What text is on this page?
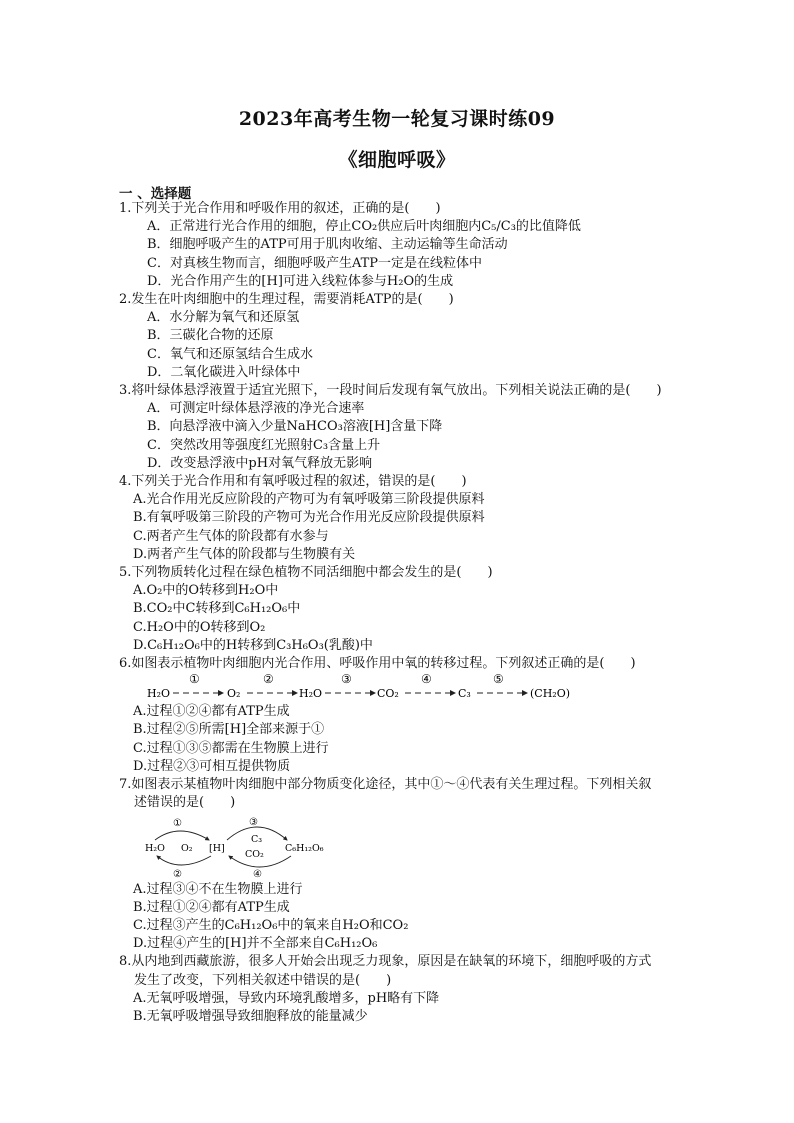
2023年高考生物一轮复习课时练09
《细胞呼吸》
一 、选择题

1.下列关于光合作用和呼吸作用的叙述，正确的是(　　)

A．正常进行光合作用的细胞，停止CO₂供应后叶肉细胞内C₅/C₃的比值降低

B．细胞呼吸产生的ATP可用于肌肉收缩、主动运输等生命活动

C．对真核生物而言，细胞呼吸产生ATP一定是在线粒体中

D．光合作用产生的[H]可进入线粒体参与H₂O的生成

2.发生在叶肉细胞中的生理过程，需要消耗ATP的是(　　)

A．水分解为氧气和还原氢

B．三碳化合物的还原

C．氧气和还原氢结合生成水

D．二氧化碳进入叶绿体中

3.将叶绿体悬浮液置于适宜光照下，一段时间后发现有氧气放出。下列相关说法正确的是(　　)

A．可测定叶绿体悬浮液的净光合速率

B．向悬浮液中滴入少量NaHCO₃溶液[H]含量下降

C．突然改用等强度红光照射C₃含量上升

D．改变悬浮液中pH对氧气释放无影响

4.下列关于光合作用和有氧呼吸过程的叙述，错误的是(　　)

A.光合作用光反应阶段的产物可为有氧呼吸第三阶段提供原料

B.有氧呼吸第三阶段的产物可为光合作用光反应阶段提供原料

C.两者产生气体的阶段都有水参与

D.两者产生气体的阶段都与生物膜有关

5.下列物质转化过程在绿色植物不同活细胞中都会发生的是(　　)

A.O₂中的O转移到H₂O中

B.CO₂中C转移到C₆H₁₂O₆中

C.H₂O中的O转移到O₂

D.C₆H₁₂O₆中的H转移到C₃H₆O₃(乳酸)中

6.如图表示植物叶肉细胞内光合作用、呼吸作用中氧的转移过程。下列叙述正确的是(　　)

H₂O
①
O₂
②
H₂O
③
CO₂
④
C₃
⑤
(CH₂O)

A.过程①②④都有ATP生成

B.过程②⑤所需[H]全部来源于①

C.过程①③⑤都需在生物膜上进行

D.过程②③可相互提供物质

7.如图表示某植物叶肉细胞中部分物质变化途径，其中①～④代表有关生理过程。下列相关叙

述错误的是(　　)

H₂O O₂ [H]
①
②
C₃
CO₂
C₆H₁₂O₆
③
④

A.过程③④不在生物膜上进行

B.过程①②④都有ATP生成

C.过程③产生的C₆H₁₂O₆中的氧来自H₂O和CO₂

D.过程④产生的[H]并不全部来自C₆H₁₂O₆

8.从内地到西藏旅游，很多人开始会出现乏力现象，原因是在缺氧的环境下，细胞呼吸的方式

发生了改变，下列相关叙述中错误的是(　　)

A.无氧呼吸增强，导致内环境乳酸增多，pH略有下降

B.无氧呼吸增强导致细胞释放的能量减少
